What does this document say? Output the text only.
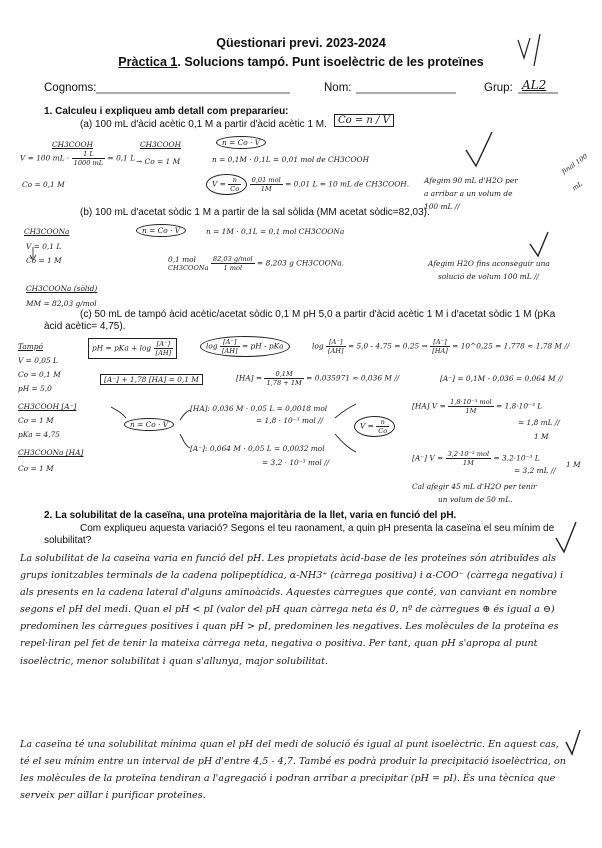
Qüestionari previ. 2023-2024
Pràctica 1. Solucions tampó. Punt isoelèctric de les proteïnes
Cognoms:	Nom:	Grup: AL2
1. Calculeu i expliqueu amb detall com prepararíeu:
(a) 100 mL d'àcid acètic 0,1 M a partir d'àcid acètic 1 M.	Co = n / V
CH3COOH	CH3COOH	n = Co · V
V = 100 mL · $\frac{1 L}{1000 mL} = 0,1$ L → Co = 1 M	n = 0,1M · 0,1L = 0,01 mol de CH3COOH
Co = 0,1 M	$V = \frac{n}{Co}$
$\frac{\text{0,01 mol}}{1M} = 0,01$ L = 10 mL de CH3COOH. Afegim 90 mL d'H2O per
a arribar a un volum de
100 mL //
final 100
mL
(b) 100 mL d'acetat sòdic 1 M a partir de la sal sòlida (MM acetat sòdic=82,03).
CH3COONa	n = Co · V	n = 1M · 0,1L = 0,1 mol CH3COONa
V = 0,1 L
Co = 1 M	0,1 mol
CH3COONa
$\frac{\text{82,03 g/mol}}{\text{1 mol}} = 8,203$ g CH3COONa.	Afegim H2O fins aconseguir una
solució de volum 100 mL //
CH3COONa (sòlid)
MM = 82,03 g/mol
(c) 50 mL de tampó àcid acètic/acetat sòdic 0,1 M pH 5,0 a partir d'àcid acètic 1 M i d'acetat sòdic 1 M (pKa
àcid acètic= 4,75).
Tampó
V = 0,05 L
Co = 0,1 M
pH = 5,0
pH = pKa + $\log \frac{[A^-]}{[AH]}$	$\log \frac{[A^-]}{[AH]}$ = pH - pKa	$\log \frac{[A^-]}{[AH]} = 5,0 - 4,75 = 0,25$ ⇒ $\frac{[A^-]}{[HA]}$ = 10^0,25 = 1,778 ≈ 1,78 M //
[A⁻] + 1,78 [HA] = 0,1 M	$[HA] = \frac{0,1M}{1,78 + 1M} = 0,035971 \approx 0,036$ M //	[A⁻] = 0,1M - 0,036 = 0,064 M //
CH3COOH [A⁻]
Co = 1 M
pKa = 4,75
CH3COONa [HA]
Co = 1 M
n = Co · V
[HA]: 0,036 M · 0,05 L = 0,0018 mol
= 1,8 · 10⁻³ mol //
[A⁻]: 0,064 M · 0,05 L = 0,0032 mol
= 3,2 · 10⁻³ mol //
$V = \frac{n}{Co}$
[HA] $V = \frac{\text{1,8·10⁻³ mol}}{1M} = 1,8\cdot 10^{-3}$ L
= 1,8 mL //
1 M
[A⁻] $V = \frac{\text{3,2·10⁻³ mol}}{1M} = 3,2\cdot 10^{-3}$ L
= 3,2 mL //
1 M
Cal afegir 45 mL d'H2O per tenir
un volum de 50 mL.
2. La solubilitat de la caseïna, una proteïna majoritària de la llet, varia en funció del pH.
Com expliqueu aquesta variació? Segons el teu raonament, a quin pH presenta la caseïna el seu mínim de
solubilitat?
La solubilitat de la caseïna varia en funció del pH. Les propietats àcid-base de les proteïnes són atribuïdes als grups ionitzables terminals de la cadena polipeptídica, α-NH3⁺ (càrrega positiva) i α-COO⁻ (càrrega negativa) i als presents en la cadena lateral d'alguns aminoàcids. Aquestes càrregues que conté, van canviant en nombre segons el pH del medi. Quan el pH < pI (valor del pH quan càrrega neta és 0, nº de càrregues ⊕ és igual a ⊖) predominen les càrregues positives i quan pH > pI, predominen les negatives. Les molècules de la proteïna es repel·liran pel fet de tenir la mateixa càrrega neta, negativa o positiva. Per tant, quan pH s'apropa al punt isoelèctric, menor solubilitat i quan s'allunya, major solubilitat.
La caseïna té una solubilitat mínima quan el pH del medi de solució és igual al punt isoelèctric. En aquest cas, té el seu mínim entre un interval de pH d'entre 4,5 - 4,7. També es podrà produir la precipitació isoelèctrica, on les molècules de la proteïna tendiran a l'agregació i podran arribar a precipitar (pH = pI). És una tècnica que serveix per aïllar i purificar proteïnes.
